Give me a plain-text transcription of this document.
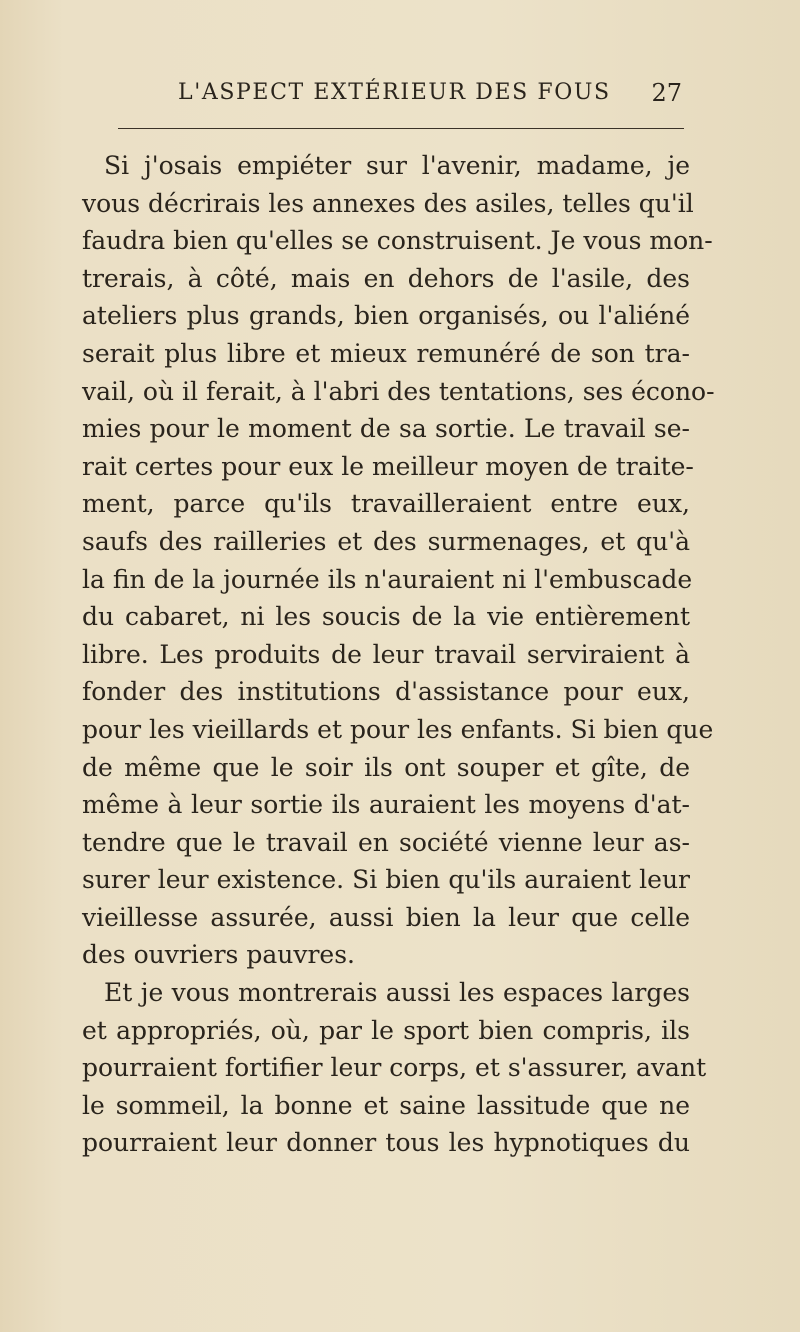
L'ASPECT EXTÉRIEUR DES FOUS 27
Si j'osais empiéter sur l'avenir, madame, je
vous décrirais les annexes des asiles, telles qu'il
faudra bien qu'elles se construisent. Je vous mon-
trerais, à côté, mais en dehors de l'asile, des
ateliers plus grands, bien organisés, ou l'aliéné
serait plus libre et mieux remunéré de son tra-
vail, où il ferait, à l'abri des tentations, ses écono-
mies pour le moment de sa sortie. Le travail se-
rait certes pour eux le meilleur moyen de traite-
ment, parce qu'ils travailleraient entre eux,
saufs des railleries et des surmenages, et qu'à
la fin de la journée ils n'auraient ni l'embuscade
du cabaret, ni les soucis de la vie entièrement
libre. Les produits de leur travail serviraient à
fonder des institutions d'assistance pour eux,
pour les vieillards et pour les enfants. Si bien que
de même que le soir ils ont souper et gîte, de
même à leur sortie ils auraient les moyens d'at-
tendre que le travail en société vienne leur as-
surer leur existence. Si bien qu'ils auraient leur
vieillesse assurée, aussi bien la leur que celle
des ouvriers pauvres.
Et je vous montrerais aussi les espaces larges
et appropriés, où, par le sport bien compris, ils
pourraient fortifier leur corps, et s'assurer, avant
le sommeil, la bonne et saine lassitude que ne
pourraient leur donner tous les hypnotiques du
